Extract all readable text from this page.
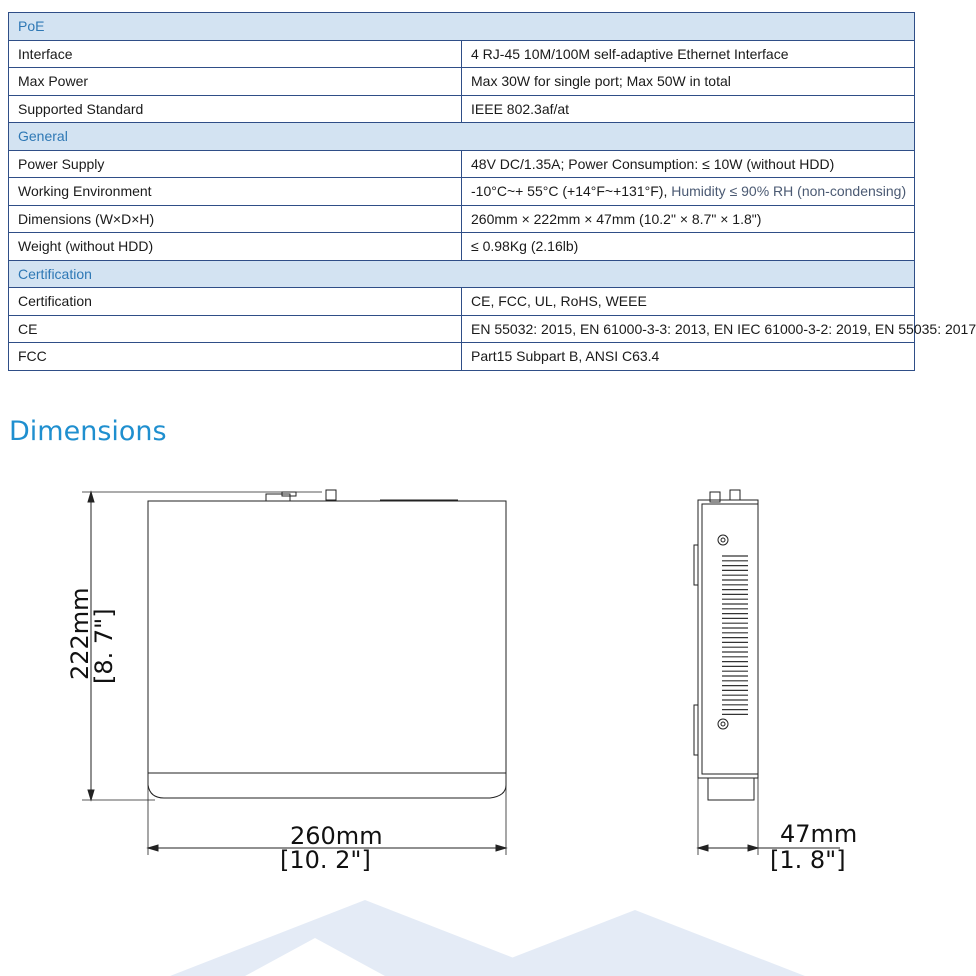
PoE	
Interface	4 RJ-45 10M/100M self-adaptive Ethernet Interface
Max Power	Max 30W for single port; Max 50W in total
Supported Standard	IEEE 802.3af/at
General	
Power Supply	48V DC/1.35A; Power Consumption: ≤ 10W (without HDD)
Working Environment	-10°C~+ 55°C (+14°F~+131°F), Humidity ≤ 90% RH (non-condensing)
Dimensions (W×D×H)	260mm × 222mm × 47mm (10.2" × 8.7" × 1.8")
Weight (without HDD)	≤ 0.98Kg (2.16lb)
Certification	
Certification	CE, FCC, UL, RoHS, WEEE
CE	EN 55032: 2015, EN 61000-3-3: 2013, EN IEC 61000-3-2: 2019, EN 55035: 2017
FCC	Part15 Subpart B, ANSI C63.4
Dimensions
222mm
[8. 7"]
260mm
[10. 2"]
47mm
[1. 8"]
